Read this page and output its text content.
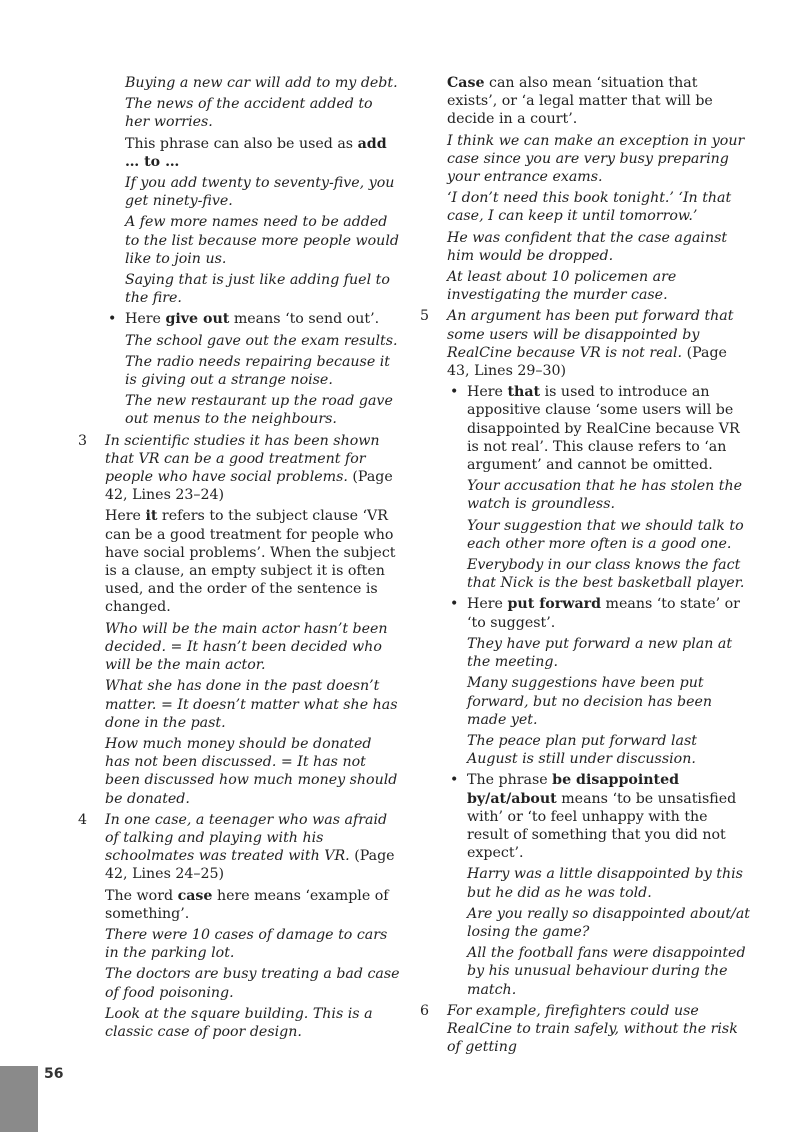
Buying a new car will add to my debt.

The news of the accident added to her worries.

This phrase can also be used as add … to …

If you add twenty to seventy-five, you get ninety-five.

A few more names need to be added to the list because more people would like to join us.

Saying that is just like adding fuel to the fire.

• Here give out means ‘to send out’.

The school gave out the exam results.

The radio needs repairing because it is giving out a strange noise.

The new restaurant up the road gave out menus to the neighbours.

3 In scientific studies it has been shown that VR can be a good treatment for people who have social problems. (Page 42, Lines 23–24)

Here it refers to the subject clause ‘VR can be a good treatment for people who have social problems’. When the subject is a clause, an empty subject it is often used, and the order of the sentence is changed.

Who will be the main actor hasn’t been decided. = It hasn’t been decided who will be the main actor.

What she has done in the past doesn’t matter. = It doesn’t matter what she has done in the past.

How much money should be donated has not been discussed. = It has not been discussed how much money should be donated.

4 In one case, a teenager who was afraid of talking and playing with his schoolmates was treated with VR. (Page 42, Lines 24–25)

The word case here means ‘example of something’.

There were 10 cases of damage to cars in the parking lot.

The doctors are busy treating a bad case of food poisoning.

Look at the square building. This is a classic case of poor design.

Case can also mean ‘situation that exists’, or ‘a legal matter that will be decide in a court’.

I think we can make an exception in your case since you are very busy preparing your entrance exams.

‘I don’t need this book tonight.’ ‘In that case, I can keep it until tomorrow.’

He was confident that the case against him would be dropped.

At least about 10 policemen are investigating the murder case.

5 An argument has been put forward that some users will be disappointed by RealCine because VR is not real. (Page 43, Lines 29–30)

• Here that is used to introduce an appositive clause ‘some users will be disappointed by RealCine because VR is not real’. This clause refers to ‘an argument’ and cannot be omitted.

Your accusation that he has stolen the watch is groundless.

Your suggestion that we should talk to each other more often is a good one.

Everybody in our class knows the fact that Nick is the best basketball player.

• Here put forward means ‘to state’ or ‘to suggest’.

They have put forward a new plan at the meeting.

Many suggestions have been put forward, but no decision has been made yet.

The peace plan put forward last August is still under discussion.

• The phrase be disappointed by/at/about means ‘to be unsatisfied with’ or ‘to feel unhappy with the result of something that you did not expect’.

Harry was a little disappointed by this but he did as he was told.

Are you really so disappointed about/at losing the game?

All the football fans were disappointed by his unusual behaviour during the match.

6 For example, firefighters could use RealCine to train safely, without the risk of getting

56
